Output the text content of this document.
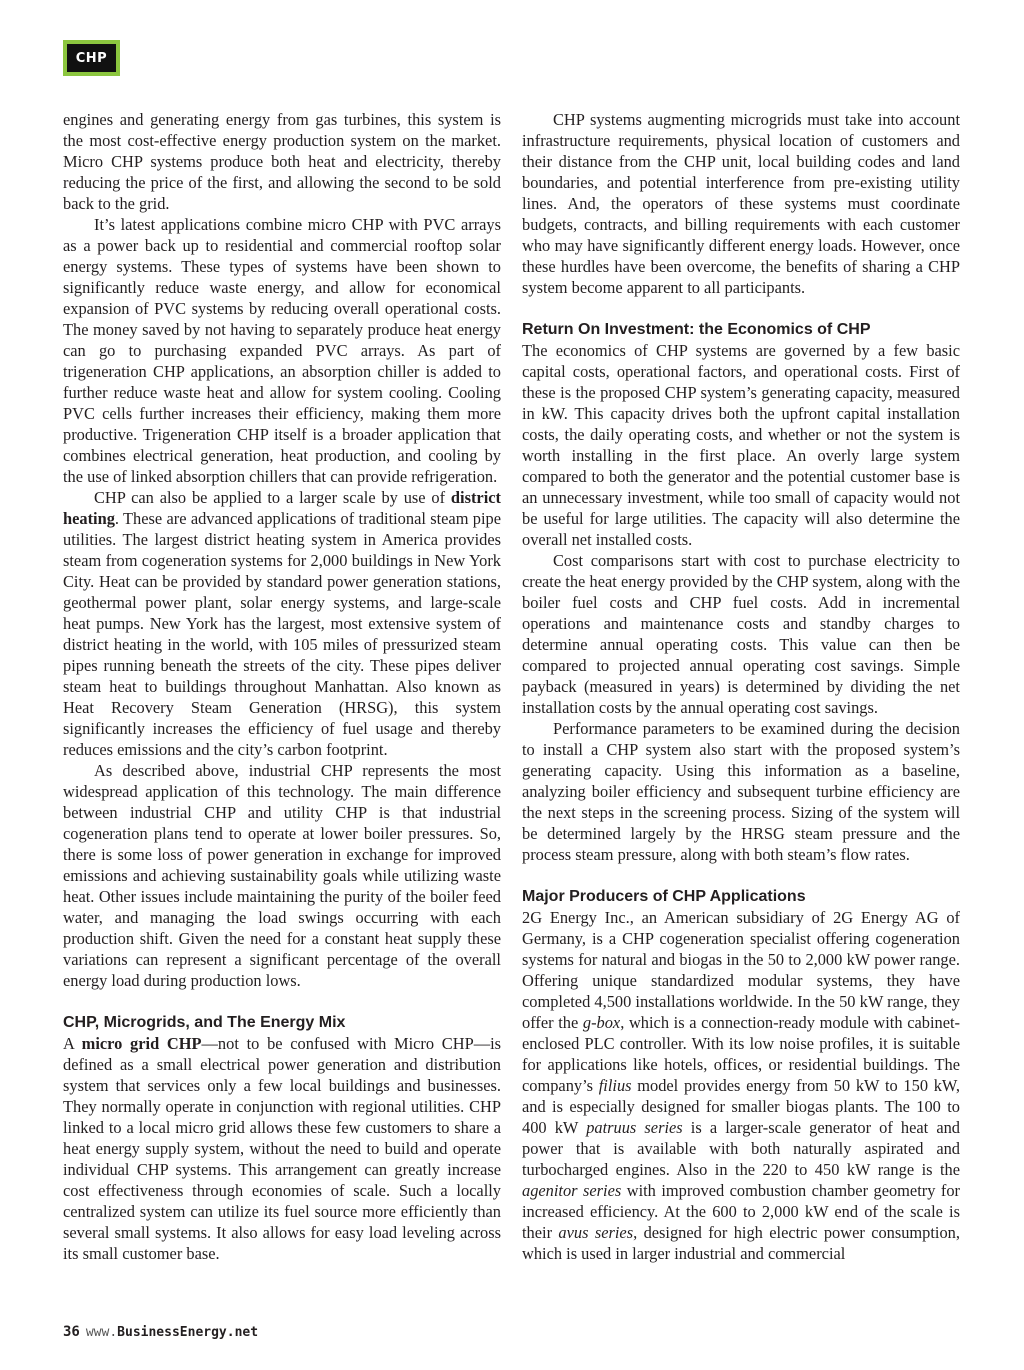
CHP

engines and generating energy from gas turbines, this system is the most cost-effective energy production system on the market. Micro CHP systems produce both heat and electricity, thereby reducing the price of the first, and allowing the second to be sold back to the grid.

It’s latest applications combine micro CHP with PVC arrays as a power back up to residential and commercial rooftop solar energy systems. These types of systems have been shown to significantly reduce waste energy, and allow for economical expansion of PVC systems by reducing overall operational costs. The money saved by not having to separately produce heat energy can go to purchasing expanded PVC arrays. As part of trigeneration CHP applications, an absorption chiller is added to further reduce waste heat and allow for system cooling. Cooling PVC cells further increases their efficiency, making them more productive. Trigeneration CHP itself is a broader application that combines electrical generation, heat production, and cooling by the use of linked absorption chillers that can provide refrigeration.

CHP can also be applied to a larger scale by use of district heating. These are advanced applications of traditional steam pipe utilities. The largest district heating system in America provides steam from cogeneration systems for 2,000 buildings in New York City. Heat can be provided by standard power generation stations, geothermal power plant, solar energy systems, and large-scale heat pumps. New York has the largest, most extensive system of district heating in the world, with 105 miles of pressurized steam pipes running beneath the streets of the city. These pipes deliver steam heat to buildings throughout Manhattan. Also known as Heat Recovery Steam Generation (HRSG), this system significantly increases the efficiency of fuel usage and thereby reduces emissions and the city’s carbon footprint.

As described above, industrial CHP represents the most widespread application of this technology. The main difference between industrial CHP and utility CHP is that industrial cogeneration plans tend to operate at lower boiler pressures. So, there is some loss of power generation in exchange for improved emissions and achieving sustainability goals while utilizing waste heat. Other issues include maintaining the purity of the boiler feed water, and managing the load swings occurring with each production shift. Given the need for a constant heat supply these variations can represent a significant percentage of the overall energy load during production lows.

CHP, Microgrids, and The Energy Mix

A micro grid CHP—not to be confused with Micro CHP—is defined as a small electrical power generation and distribution system that services only a few local buildings and businesses. They normally operate in conjunction with regional utilities. CHP linked to a local micro grid allows these few customers to share a heat energy supply system, without the need to build and operate individual CHP systems. This arrangement can greatly increase cost effectiveness through economies of scale. Such a locally centralized system can utilize its fuel source more efficiently than several small systems. It also allows for easy load leveling across its small customer base.

CHP systems augmenting microgrids must take into account infrastructure requirements, physical location of customers and their distance from the CHP unit, local building codes and land boundaries, and potential interference from pre-existing utility lines. And, the operators of these systems must coordinate budgets, contracts, and billing requirements with each customer who may have significantly different energy loads. However, once these hurdles have been overcome, the benefits of sharing a CHP system become apparent to all participants.

Return On Investment: the Economics of CHP

The economics of CHP systems are governed by a few basic capital costs, operational factors, and operational costs. First of these is the proposed CHP system’s generating capacity, measured in kW. This capacity drives both the upfront capital installation costs, the daily operating costs, and whether or not the system is worth installing in the first place. An overly large system compared to both the generator and the potential customer base is an unnecessary investment, while too small of capacity would not be useful for large utilities. The capacity will also determine the overall net installed costs.

Cost comparisons start with cost to purchase electricity to create the heat energy provided by the CHP system, along with the boiler fuel costs and CHP fuel costs. Add in incremental operations and maintenance costs and standby charges to determine annual operating costs. This value can then be compared to projected annual operating cost savings. Simple payback (measured in years) is determined by dividing the net installation costs by the annual operating cost savings.

Performance parameters to be examined during the decision to install a CHP system also start with the proposed system’s generating capacity. Using this information as a baseline, analyzing boiler efficiency and subsequent turbine efficiency are the next steps in the screening process. Sizing of the system will be determined largely by the HRSG steam pressure and the process steam pressure, along with both steam’s flow rates.

Major Producers of CHP Applications

2G Energy Inc., an American subsidiary of 2G Energy AG of Germany, is a CHP cogeneration specialist offering cogeneration systems for natural and biogas in the 50 to 2,000 kW power range. Offering unique standardized modular systems, they have completed 4,500 installations worldwide. In the 50 kW range, they offer the g-box, which is a connection-ready module with cabinet-enclosed PLC controller. With its low noise profiles, it is suitable for applications like hotels, offices, or residential buildings. The company’s filius model provides energy from 50 kW to 150 kW, and is especially designed for smaller biogas plants. The 100 to 400 kW patruus series is a larger-scale generator of heat and power that is available with both naturally aspirated and turbocharged engines. Also in the 220 to 450 kW range is the agenitor series with improved combustion chamber geometry for increased efficiency. At the 600 to 2,000 kW end of the scale is their avus series, designed for high electric power consumption, which is used in larger industrial and commercial

36 www.BusinessEnergy.net
